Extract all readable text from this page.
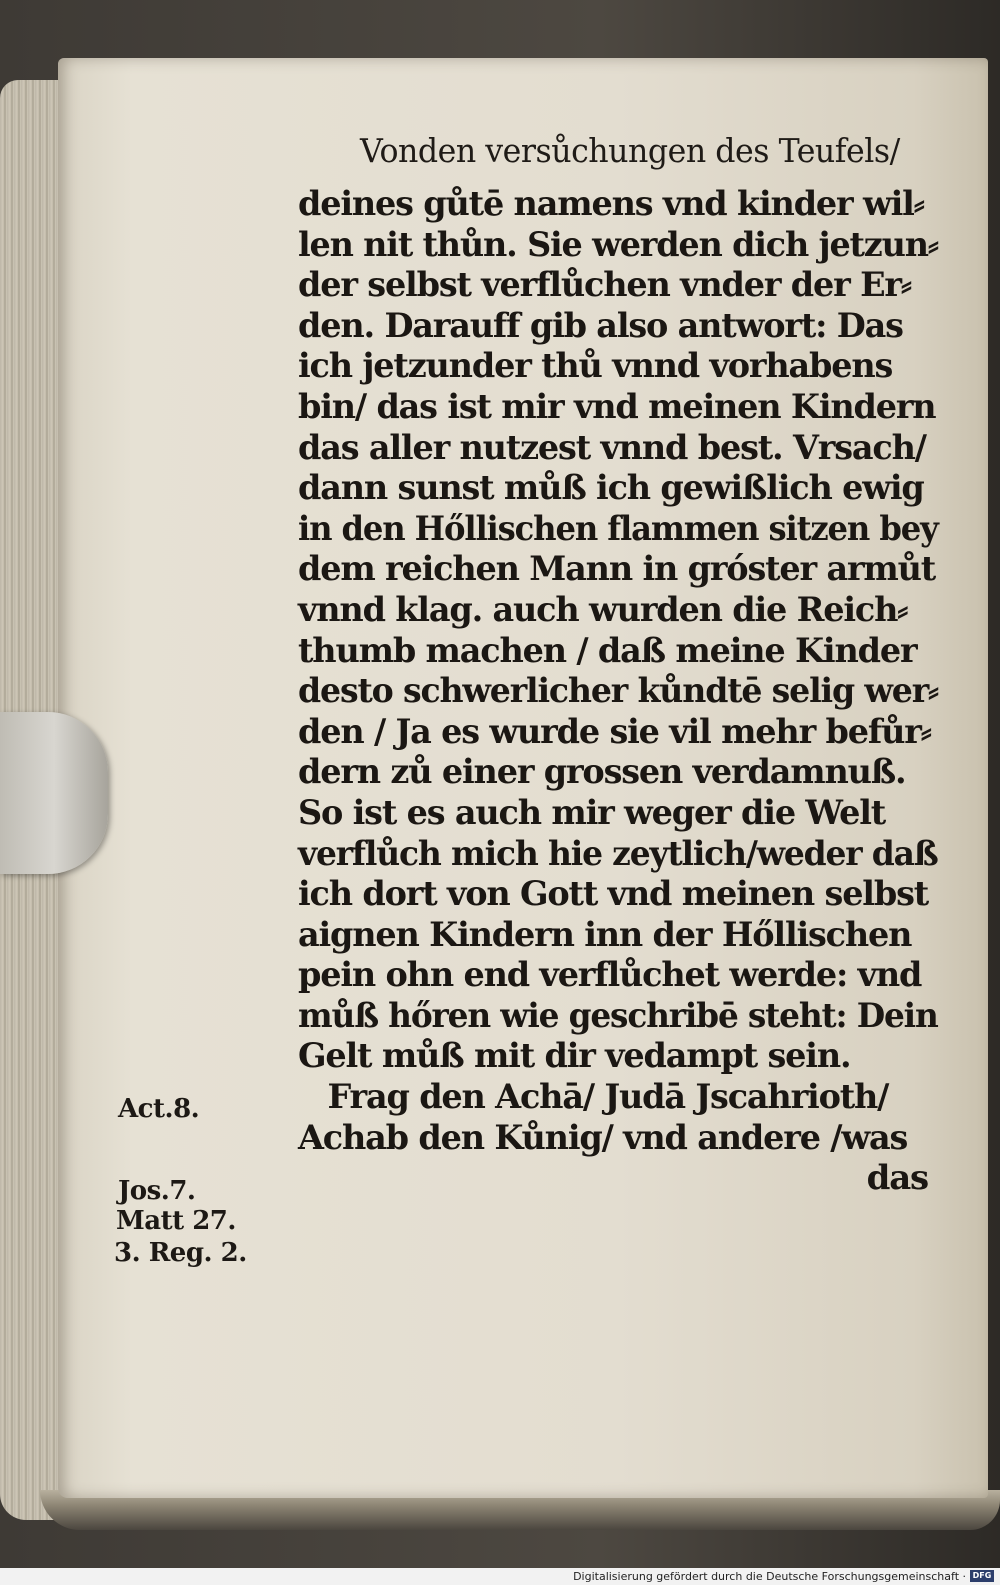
Vonden versůchungen des Teufels/
deines gůtē namens vnd kinder wil⸗
len nit thůn. Sie werden dich jetzun⸗
der selbst verflůchen vnder der Er⸗
den. Darauff gib also antwort: Das
ich jetzunder thů vnnd vorhabens
bin/ das ist mir vnd meinen Kindern
das aller nutzest vnnd best. Vrsach/
dann sunst můß ich gewißlich ewig
in den Hőllischen flammen sitzen bey
dem reichen Mann in gróster armůt
vnnd klag. auch wurden die Reich⸗
thumb machen / daß meine Kinder
desto schwerlicher kůndtē selig wer⸗
den / Ja es wurde sie vil mehr befůr⸗
dern zů einer grossen verdamnuß.
So ist es auch mir weger die Welt
verflůch mich hie zeytlich/weder daß
ich dort von Gott vnd meinen selbst
aignen Kindern inn der Hőllischen
pein ohn end verflůchet werde: vnd
můß hőren wie geschribē steht: Dein
Gelt můß mit dir vedampt sein.
Frag den Achā/ Judā Jscahrioth/
Achab den Kůnig/ vnd andere /was
das
Act.8.
Jos.7.
Matt 27.
3. Reg. 2.
Digitalisierung gefördert durch die Deutsche Forschungsgemeinschaft · DFG
